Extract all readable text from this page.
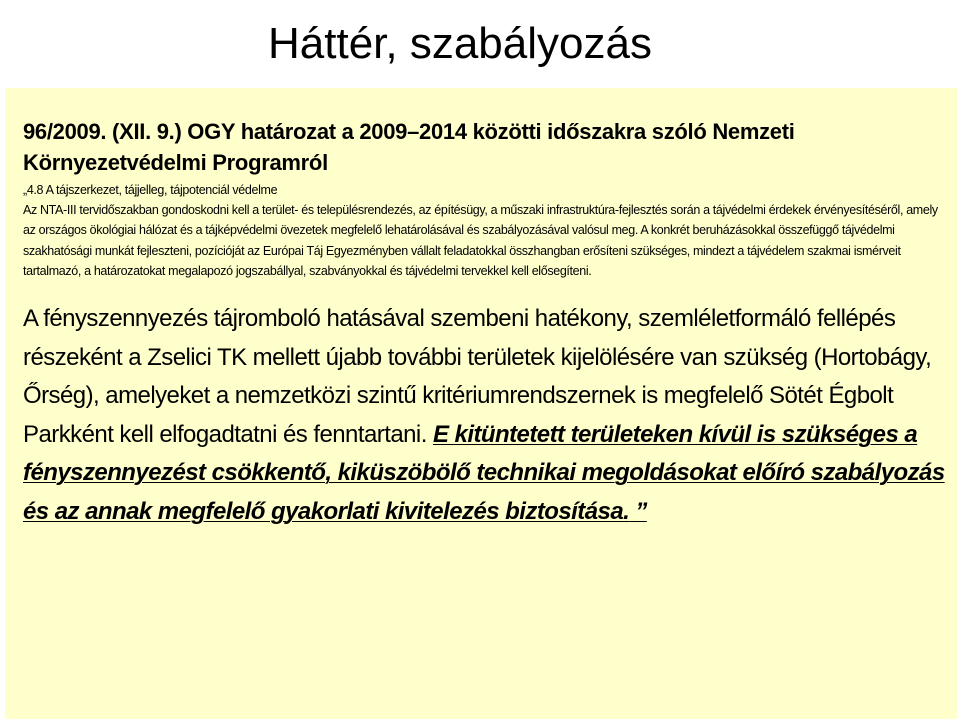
Háttér, szabályozás
96/2009. (XII. 9.) OGY határozat a 2009–2014 közötti időszakra szóló Nemzeti Környezetvédelmi Programról

„4.8 A tájszerkezet, tájjelleg, tájpotenciál védelme

Az NTA-III tervidőszakban gondoskodni kell a terület- és településrendezés, az építésügy, a műszaki infrastruktúra-fejlesztés során a tájvédelmi érdekek érvényesítéséről, amely az országos ökológiai hálózat és a tájképvédelmi övezetek megfelelő lehatárolásával és szabályozásával valósul meg. A konkrét beruházásokkal összefüggő tájvédelmi szakhatósági munkát fejleszteni, pozícióját az Európai Táj Egyezményben vállalt feladatokkal összhangban erősíteni szükséges, mindezt a tájvédelem szakmai ismérveit tartalmazó, a határozatokat megalapozó jogszabállyal, szabványokkal és tájvédelmi tervekkel kell elősegíteni.

A fényszennyezés tájromboló hatásával szembeni hatékony, szemléletformáló fellépés részeként a Zselici TK mellett újabb további területek kijelölésére van szükség (Hortobágy, Őrség), amelyeket a nemzetközi szintű kritériumrendszernek is megfelelő Sötét Égbolt Parkként kell elfogadtatni és fenntartani. E kitüntetett területeken kívül is szükséges a fényszennyezést csökkentő, kiküszöbölő technikai megoldásokat előíró szabályozás és az annak megfelelő gyakorlati kivitelezés biztosítása. ”
